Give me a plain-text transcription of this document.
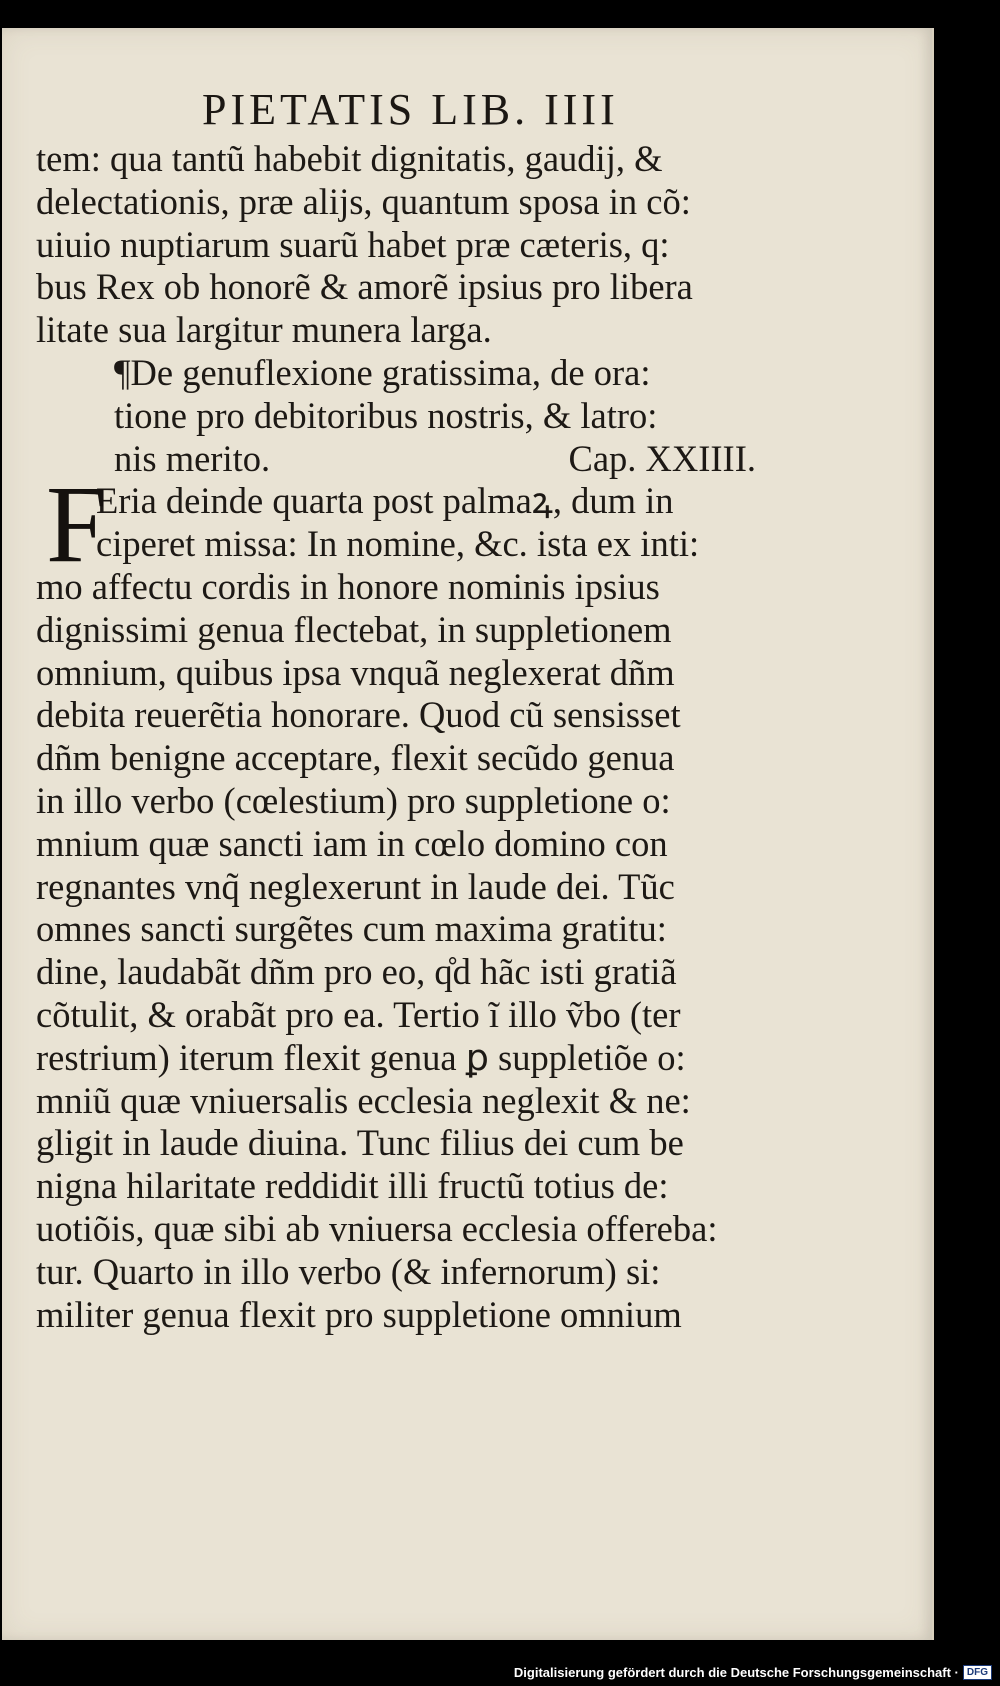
PIETATIS LIB. IIII
tem: qua tantũ habebit dignitatis, gaudij, &
delectationis, præ alijs, quantum sposa in cõ:
uiuio nuptiarum suarũ habet præ cæteris, q:
bus Rex ob honorẽ & amorẽ ipsius pro libera
litate sua largitur munera larga.
¶De genuflexione gratissima, de ora:
tione pro debitoribus nostris, & latro:
nis merito.	Cap. XXIIII.
F
Eria deinde quarta post palmaꝝ, dum in
ciperet missa: In nomine, &c. ista ex inti:
mo affectu cordis in honore nominis ipsius
dignissimi genua flectebat, in suppletionem
omnium, quibus ipsa vnquã neglexerat dñm
debita reuerẽtia honorare. Quod cũ sensisset
dñm benigne acceptare, flexit secũdo genua
in illo verbo (cœlestium) pro suppletione o:
mnium quæ sancti iam in cœlo domino con
regnantes vnq̃ neglexerunt in laude dei. Tũc
omnes sancti surgẽtes cum maxima gratitu:
dine, laudabãt dñm pro eo, q̊d hãc isti gratiã
cõtulit, & orabãt pro ea. Tertio ĩ illo ṽbo (ter
restrium) iterum flexit genua ꝑ suppletiõe o:
mniũ quæ vniuersalis ecclesia neglexit & ne:
gligit in laude diuina. Tunc filius dei cum be
nigna hilaritate reddidit illi fructũ totius de:
uotiõis, quæ sibi ab vniuersa ecclesia offereba:
tur. Quarto in illo verbo (& infernorum) si:
militer genua flexit pro suppletione omnium
Digitalisierung gefördert durch die Deutsche Forschungsgemeinschaft · DFG
